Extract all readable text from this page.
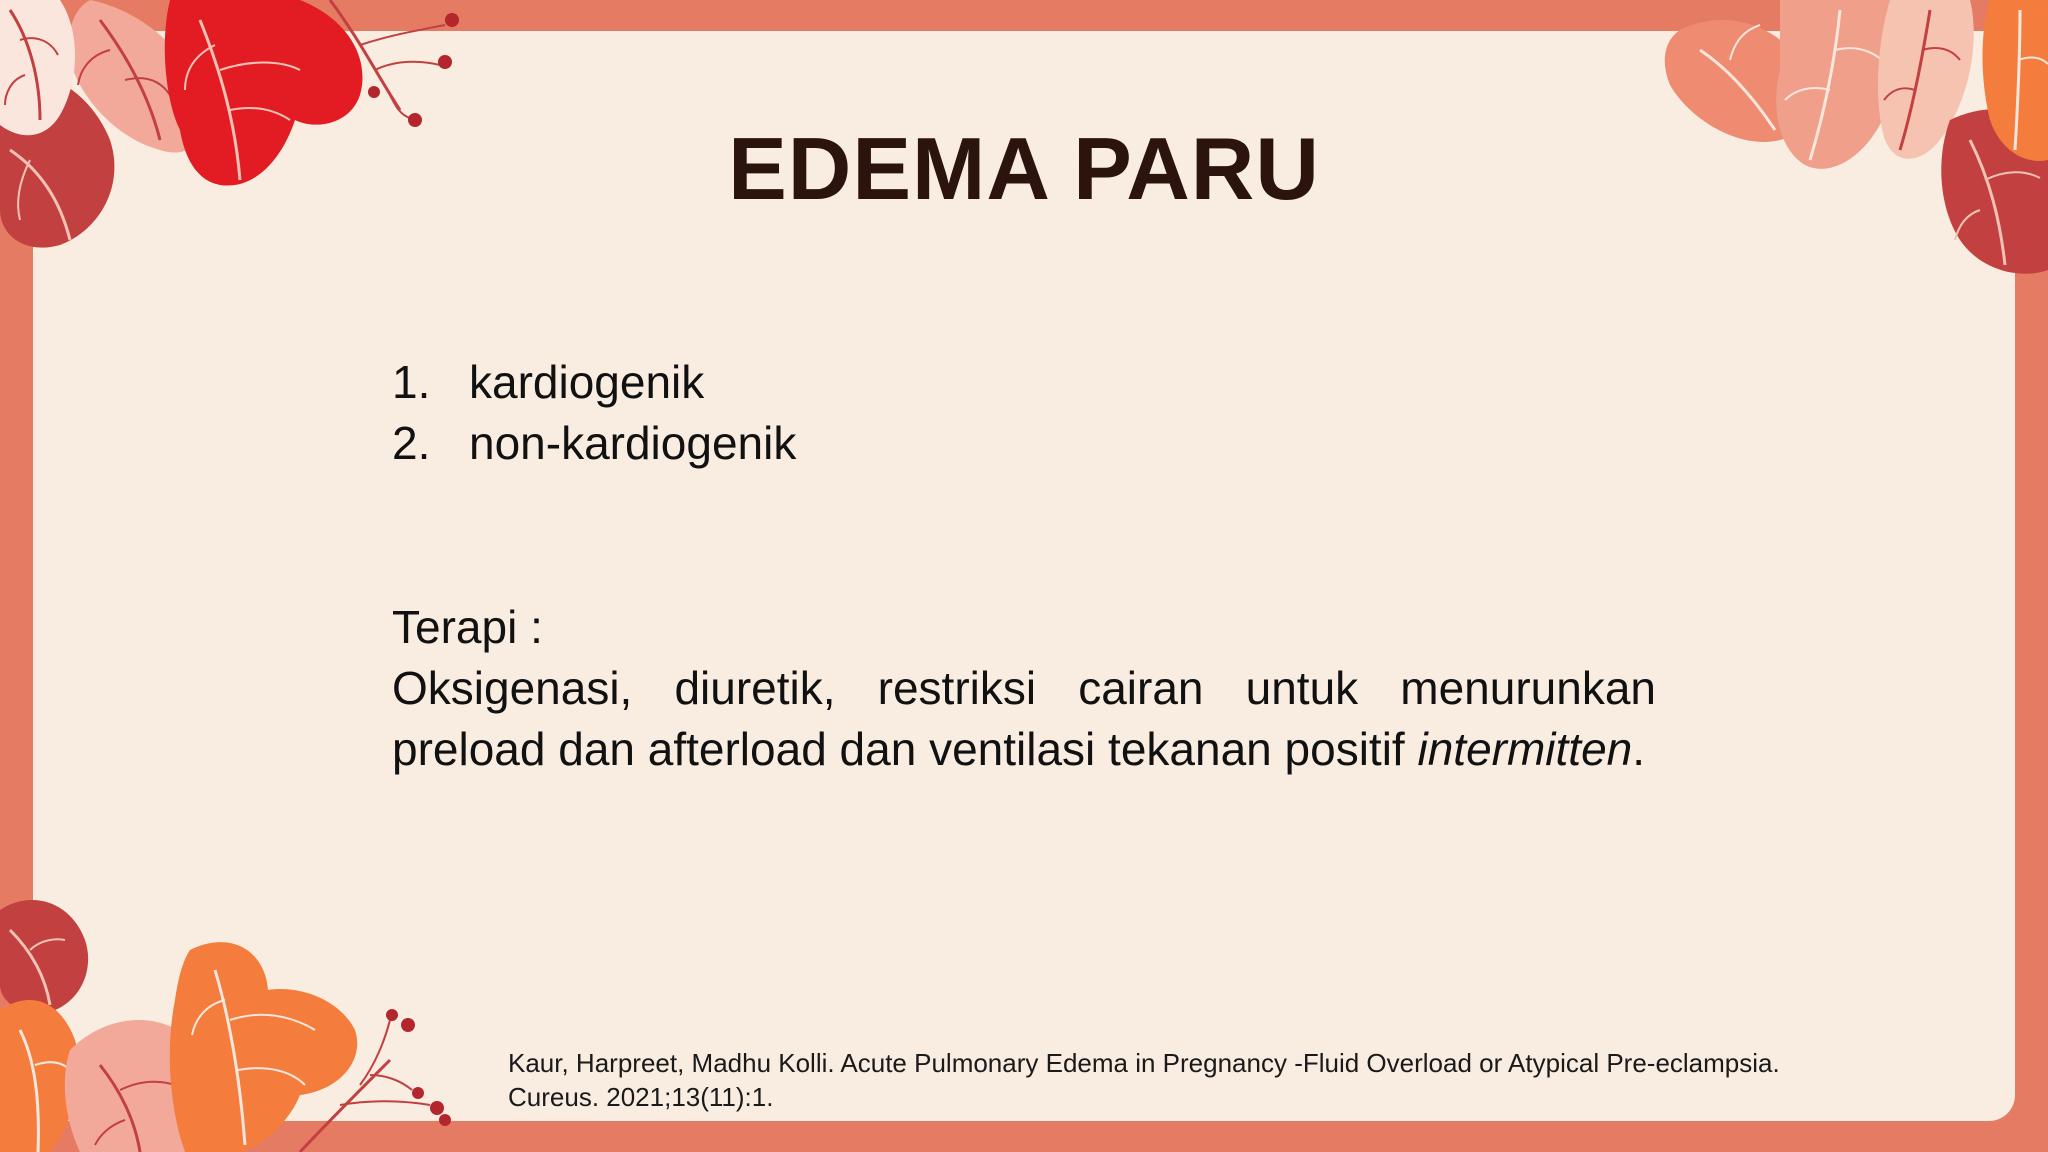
EDEMA PARU
1. kardiogenik
2. non-kardiogenik
Terapi :
Oksigenasi, diuretik, restriksi cairan untuk menurunkan preload dan afterload dan ventilasi tekanan positif intermitten.
Kaur, Harpreet, Madhu Kolli. Acute Pulmonary Edema in Pregnancy -Fluid Overload or Atypical Pre-eclampsia.
Cureus. 2021;13(11):1.
